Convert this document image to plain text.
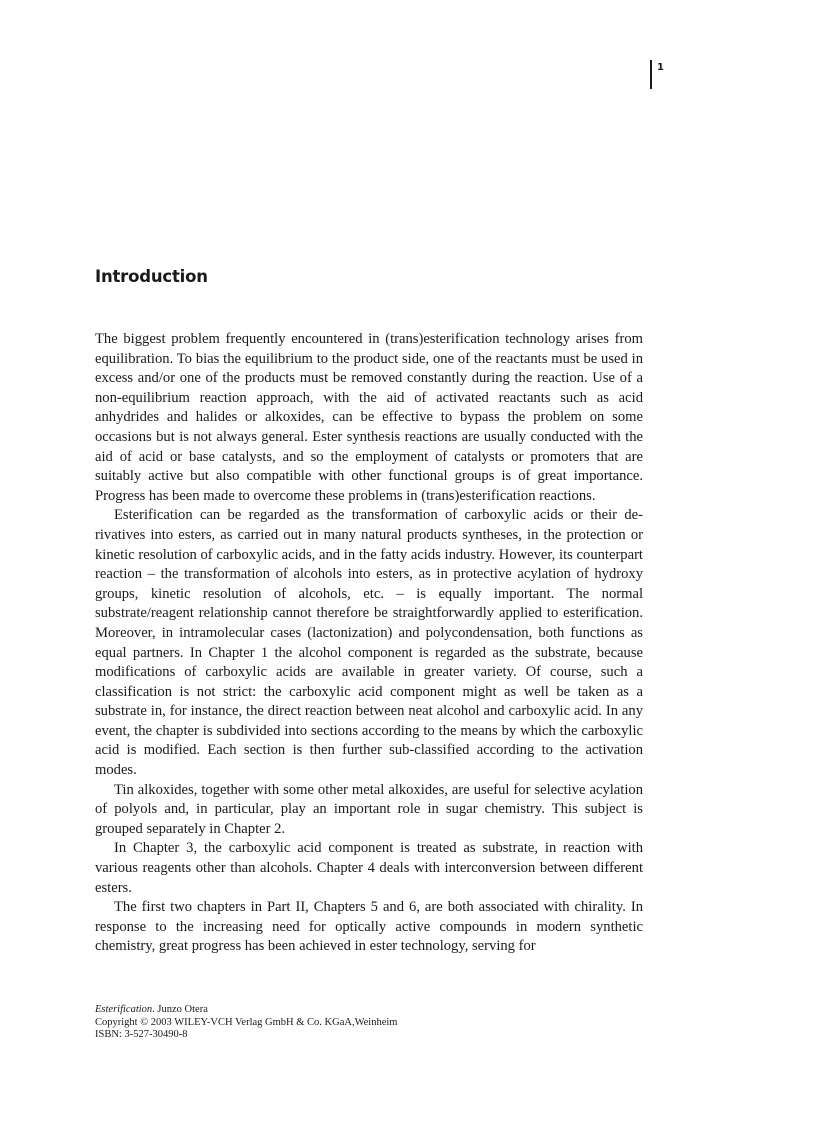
1
Introduction

The biggest problem frequently encountered in (trans)esterification technology arises from equilibration. To bias the equilibrium to the product side, one of the reactants must be used in excess and/or one of the products must be removed constantly during the reaction. Use of a non-equilibrium reaction approach, with the aid of activated reactants such as acid anhydrides and halides or alkoxides, can be effective to bypass the problem on some occasions but is not always general. Ester synthesis reactions are usually conducted with the aid of acid or base catalysts, and so the employment of catalysts or promoters that are suitably active but also compatible with other functional groups is of great importance. Progress has been made to overcome these problems in (trans)esterification reactions.

Esterification can be regarded as the transformation of carboxylic acids or their derivatives into esters, as carried out in many natural products syntheses, in the protection or kinetic resolution of carboxylic acids, and in the fatty acids industry. However, its counterpart reaction – the transformation of alcohols into esters, as in protective acylation of hydroxy groups, kinetic resolution of alcohols, etc. – is equally important. The normal substrate/reagent relationship cannot therefore be straightforwardly applied to esterification. Moreover, in intramolecular cases (lactonization) and polycondensation, both functions as equal partners. In Chapter 1 the alcohol component is regarded as the substrate, because modifications of carboxylic acids are available in greater variety. Of course, such a classification is not strict: the carboxylic acid component might as well be taken as a substrate in, for instance, the direct reaction between neat alcohol and carboxylic acid. In any event, the chapter is subdivided into sections according to the means by which the carboxylic acid is modified. Each section is then further sub-classified according to the activation modes.

Tin alkoxides, together with some other metal alkoxides, are useful for selective acylation of polyols and, in particular, play an important role in sugar chemistry. This subject is grouped separately in Chapter 2.

In Chapter 3, the carboxylic acid component is treated as substrate, in reaction with various reagents other than alcohols. Chapter 4 deals with interconversion between different esters.

The first two chapters in Part II, Chapters 5 and 6, are both associated with chirality. In response to the increasing need for optically active compounds in modern synthetic chemistry, great progress has been achieved in ester technology, serving for

Esterification. Junzo Otera
Copyright © 2003 WILEY-VCH Verlag GmbH & Co. KGaA,Weinheim
ISBN: 3-527-30490-8
